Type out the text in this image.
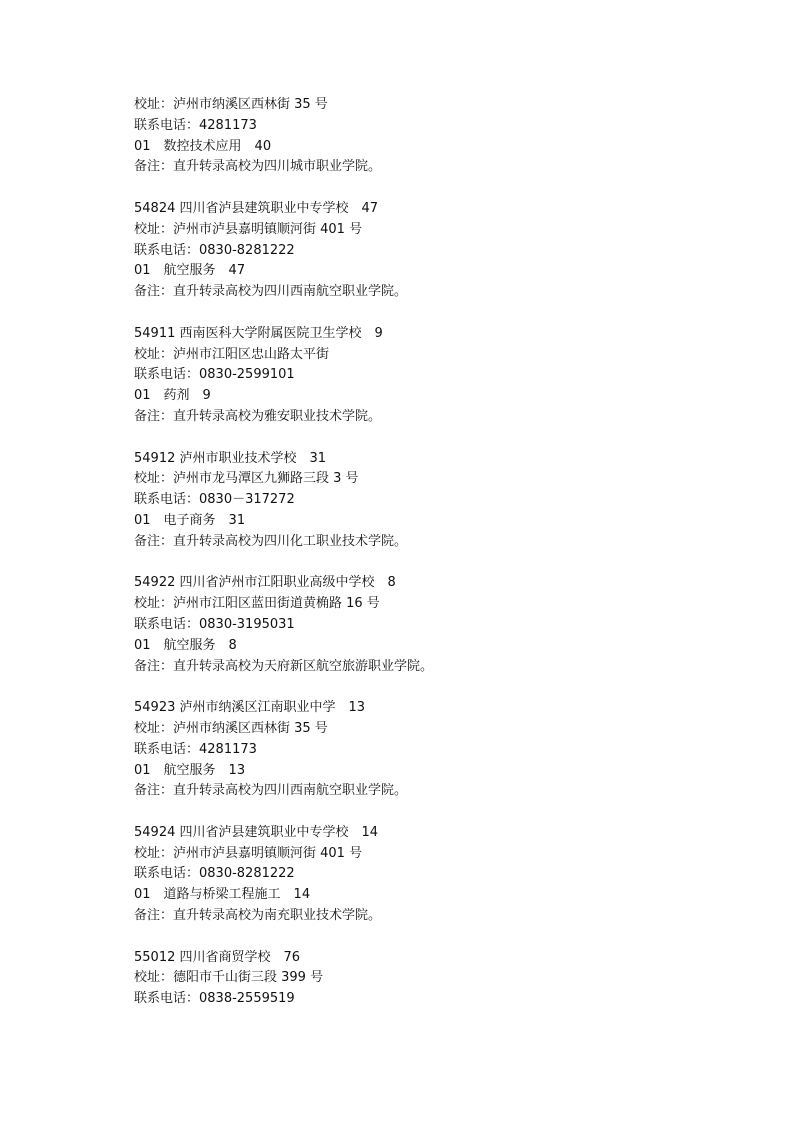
校址：泸州市纳溪区西林街 35 号
联系电话：4281173
01　数控技术应用　40
备注：直升转录高校为四川城市职业学院。
54824 四川省泸县建筑职业中专学校　47
校址：泸州市泸县嘉明镇顺河街 401 号
联系电话：0830-8281222
01　航空服务　47
备注：直升转录高校为四川西南航空职业学院。
54911 西南医科大学附属医院卫生学校　9
校址：泸州市江阳区忠山路太平街
联系电话：0830-2599101
01　药剂　9
备注：直升转录高校为雅安职业技术学院。
54912 泸州市职业技术学校　31
校址：泸州市龙马潭区九狮路三段 3 号
联系电话：0830－317272
01　电子商务　31
备注：直升转录高校为四川化工职业技术学院。
54922 四川省泸州市江阳职业高级中学校　8
校址：泸州市江阳区蓝田街道黄桷路 16 号
联系电话：0830-3195031
01　航空服务　8
备注：直升转录高校为天府新区航空旅游职业学院。
54923 泸州市纳溪区江南职业中学　13
校址：泸州市纳溪区西林街 35 号
联系电话：4281173
01　航空服务　13
备注：直升转录高校为四川西南航空职业学院。
54924 四川省泸县建筑职业中专学校　14
校址：泸州市泸县嘉明镇顺河街 401 号
联系电话：0830-8281222
01　道路与桥梁工程施工　14
备注：直升转录高校为南充职业技术学院。
55012 四川省商贸学校　76
校址：德阳市千山街三段 399 号
联系电话：0838-2559519
